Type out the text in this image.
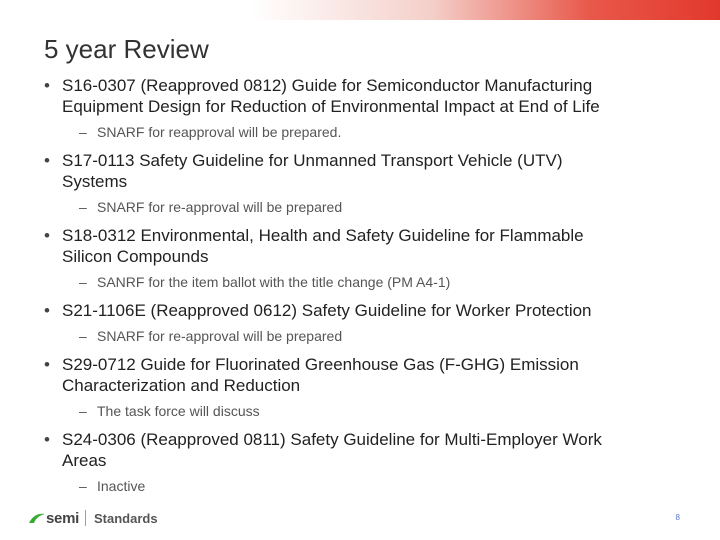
5 year Review
• S16-0307 (Reapproved 0812) Guide for Semiconductor Manufacturing
Equipment Design for Reduction of Environmental Impact at End of Life
– SNARF for reapproval will be prepared.
• S17-0113 Safety Guideline for Unmanned Transport Vehicle (UTV)
Systems
– SNARF for re-approval will be prepared
• S18-0312 Environmental, Health and Safety Guideline for Flammable
Silicon Compounds
– SANRF for the item ballot with the title change (PM A4-1)
• S21-1106E (Reapproved 0612) Safety Guideline for Worker Protection
– SNARF for re-approval will be prepared
• S29-0712 Guide for Fluorinated Greenhouse Gas (F-GHG) Emission
Characterization and Reduction
– The task force will discuss
• S24-0306 (Reapproved 0811) Safety Guideline for Multi-Employer Work
Areas
– Inactive
semi Standards	8
